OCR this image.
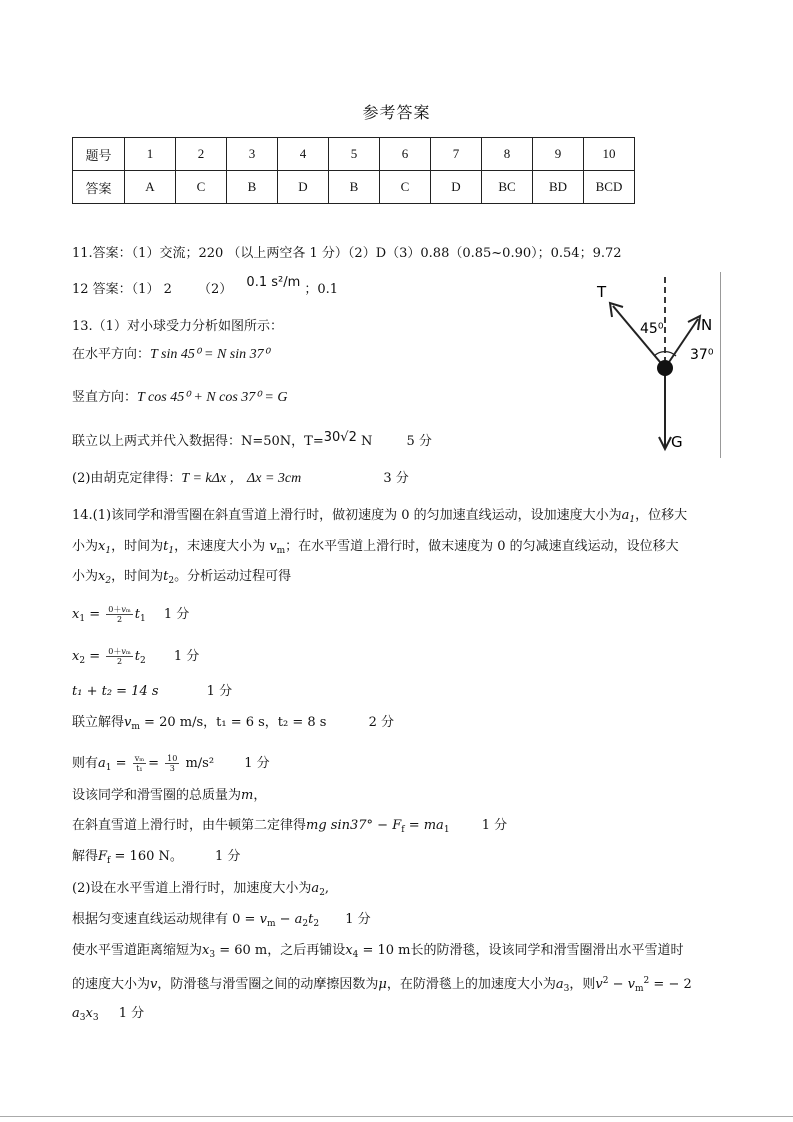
参考答案
题号	1	2	3	4	5	6	7	8	9	10
答案	A	C	B	D	B	C	D	BC	BD	BCD
11.答案：（1）交流；220 （以上两空各 1 分）（2）D（3）0.88（0.85~0.90）；0.54；9.72
12 答案：（1） 2 （2） 0.1 s²/m ；0.1
13.（1）对小球受力分析如图所示：
在水平方向：T sin 45⁰ = N sin 37⁰
竖直方向：T cos 45⁰ + N cos 37⁰ = G
联立以上两式并代入数据得：N=50N，T=30√2 N	5 分
(2)由胡克定律得：T = kΔx ， Δx = 3cm	3 分
T
N
G
45⁰
37⁰
14.(1)该同学和滑雪圈在斜直雪道上滑行时，做初速度为 0 的匀加速直线运动，设加速度大小为$a_1$，位移大
小为$x_1$，时间为$t_1$，末速度大小为 $v_m$；在水平雪道上滑行时，做末速度为 0 的匀减速直线运动，设位移大
小为$x_2$，时间为$t_2$。分析运动过程可得
$x_1 = \frac{\text{0＋𝑣ₘ}}{2} t_1$ 1 分
$x_2 = \frac{\text{0＋𝑣ₘ}}{2} t_2$ 1 分
t₁ + t₂ = 14 s	1 分
联立解得$v_m = 20$ m/s，t₁ = 6 s，t₂ = 8 s	2 分
则有$a_1 = \frac{\text{vₘ}}{\text{t₁}} = \frac{10}{3} m/s^2$ 1 分
设该同学和滑雪圈的总质量为m，
在斜直雪道上滑行时，由牛顿第二定律得mg $\sin 37^\circ - F_f = ma_1$ 1 分
解得$F_f = 160$ N。 1 分
(2)设在水平雪道上滑行时，加速度大小为$a_2$,
根据匀变速直线运动规律有 $0 = v_m - a_2t_2$ 1 分
使水平雪道距离缩短为$x_3 = 60$ m，之后再铺设$x_4 = 10$ m长的防滑毯，设该同学和滑雪圈滑出水平雪道时
的速度大小为v，防滑毯与滑雪圈之间的动摩擦因数为μ，在防滑毯上的加速度大小为$a_3$，则$v^2 - v_m^2$ = − 2
$a_3x_3$ 1 分
